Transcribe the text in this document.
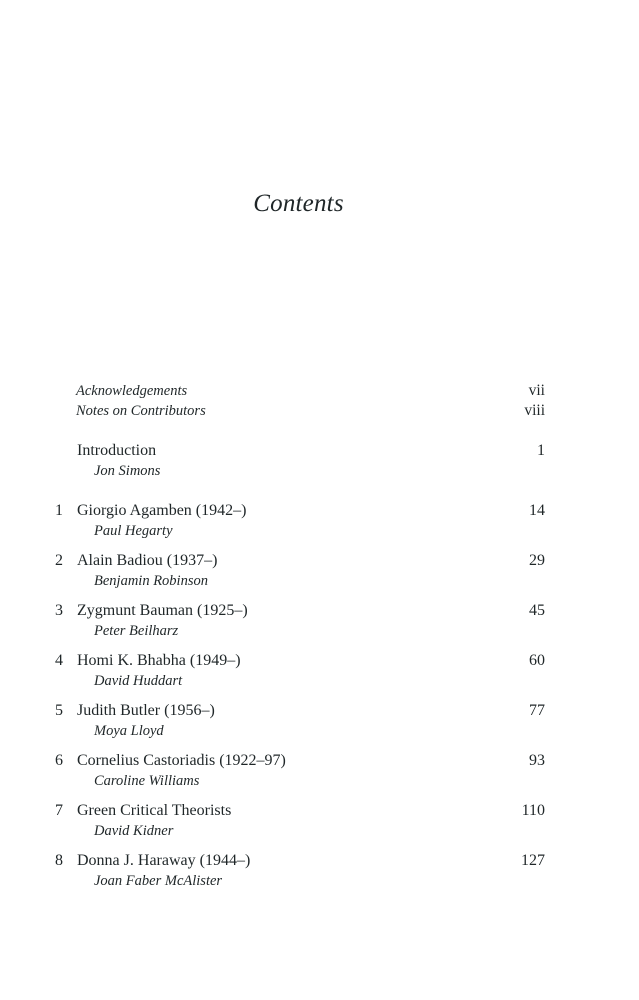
Contents
Acknowledgements	vii
Notes on Contributors	viii
Introduction
Jon Simons
1
1 Giorgio Agamben (1942–)
Paul Hegarty
14
2 Alain Badiou (1937–)
Benjamin Robinson
29
3 Zygmunt Bauman (1925–)
Peter Beilharz
45
4 Homi K. Bhabha (1949–)
David Huddart
60
5 Judith Butler (1956–)
Moya Lloyd
77
6 Cornelius Castoriadis (1922–97)
Caroline Williams
93
7 Green Critical Theorists
David Kidner
110
8 Donna J. Haraway (1944–)
Joan Faber McAlister
127
